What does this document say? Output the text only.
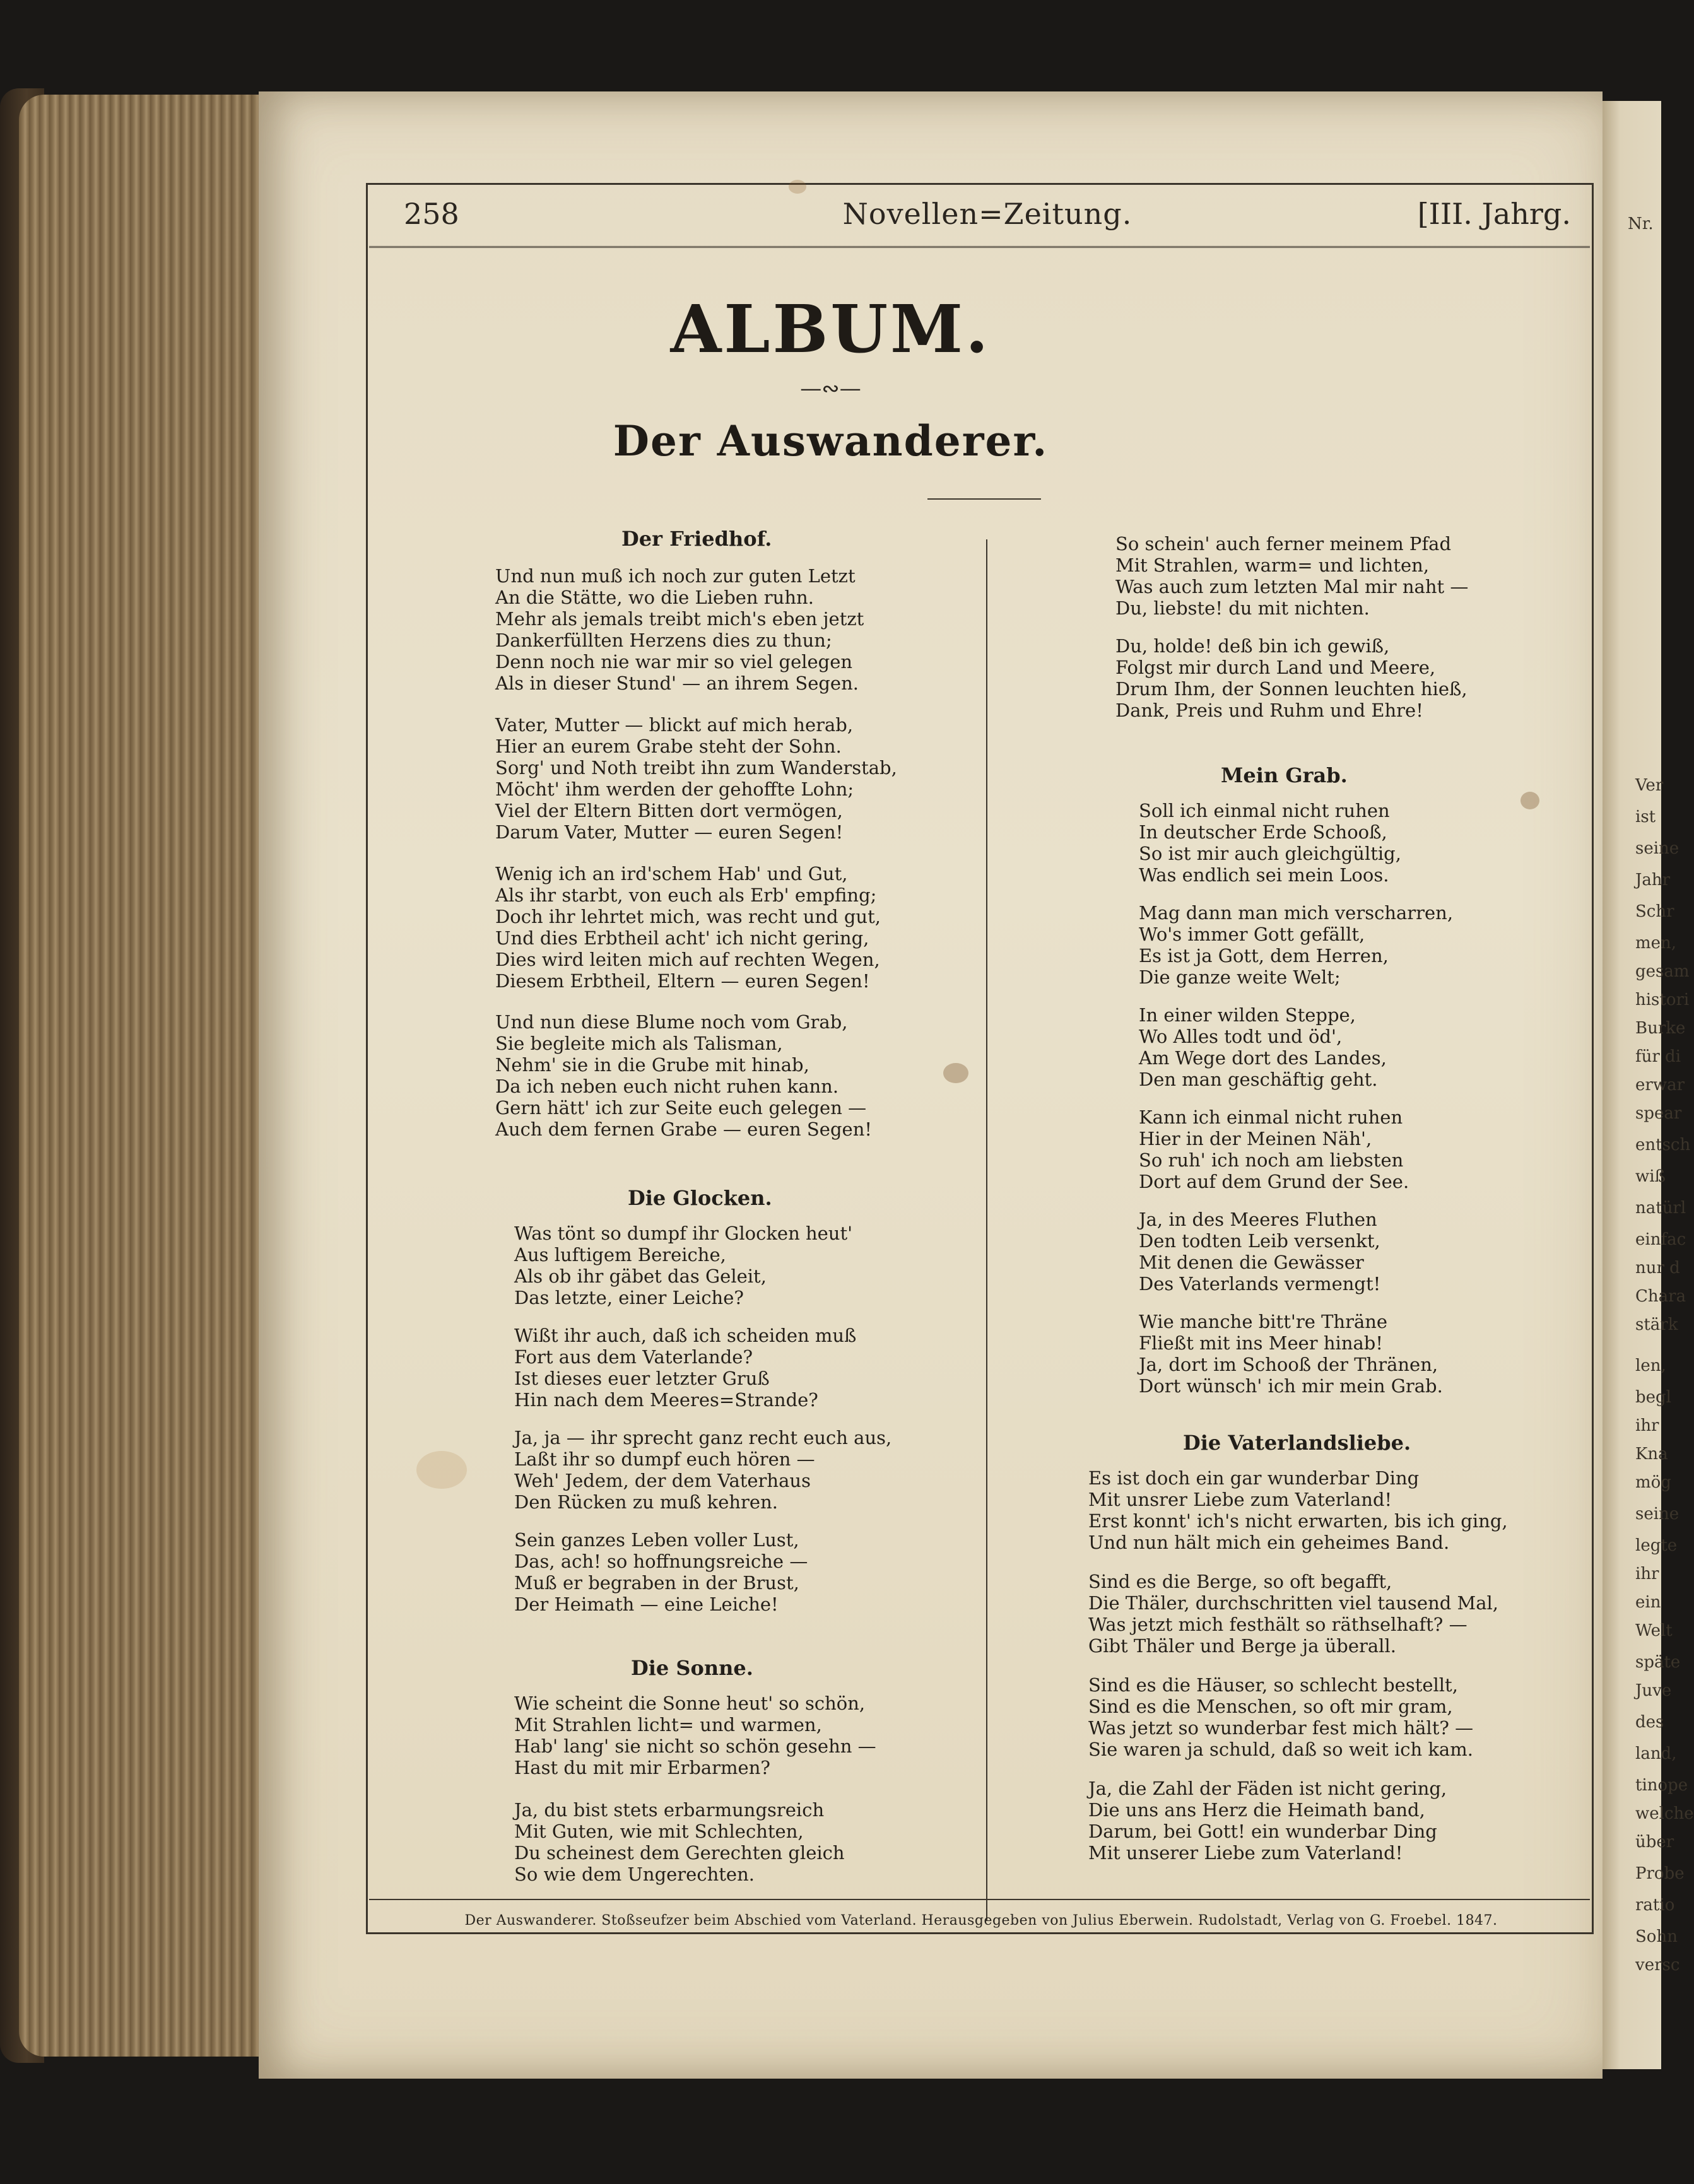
Nr.
Ver
ist
seine
Jahr
Schr
men,
gesam
histori
Burke
für di
erwar
spear
entsch
wiß
natürl
einfac
nur d
Chara
stärk
len,
begl
ihr
Kna
mög
seine
legte
ihr
ein
Welt
späte
Juve
des
land,
tinope
welche
über
Probe
ratio
Sohn
versc

258	Novellen=Zeitung.	[III. Jahrg.
ALBUM.
—∾—
Der Auswanderer.
Der Friedhof.
Und nun muß ich noch zur guten Letzt
An die Stätte, wo die Lieben ruhn.
Mehr als jemals treibt mich's eben jetzt
Dankerfüllten Herzens dies zu thun;
Denn noch nie war mir so viel gelegen
Als in dieser Stund' — an ihrem Segen.
Vater, Mutter — blickt auf mich herab,
Hier an eurem Grabe steht der Sohn.
Sorg' und Noth treibt ihn zum Wanderstab,
Möcht' ihm werden der gehoffte Lohn;
Viel der Eltern Bitten dort vermögen,
Darum Vater, Mutter — euren Segen!
Wenig ich an ird'schem Hab' und Gut,
Als ihr starbt, von euch als Erb' empfing;
Doch ihr lehrtet mich, was recht und gut,
Und dies Erbtheil acht' ich nicht gering,
Dies wird leiten mich auf rechten Wegen,
Diesem Erbtheil, Eltern — euren Segen!
Und nun diese Blume noch vom Grab,
Sie begleite mich als Talisman,
Nehm' sie in die Grube mit hinab,
Da ich neben euch nicht ruhen kann.
Gern hätt' ich zur Seite euch gelegen —
Auch dem fernen Grabe — euren Segen!
Die Glocken.
Was tönt so dumpf ihr Glocken heut'
Aus luftigem Bereiche,
Als ob ihr gäbet das Geleit,
Das letzte, einer Leiche?
Wißt ihr auch, daß ich scheiden muß
Fort aus dem Vaterlande?
Ist dieses euer letzter Gruß
Hin nach dem Meeres=Strande?
Ja, ja — ihr sprecht ganz recht euch aus,
Laßt ihr so dumpf euch hören —
Weh' Jedem, der dem Vaterhaus
Den Rücken zu muß kehren.
Sein ganzes Leben voller Lust,
Das, ach! so hoffnungsreiche —
Muß er begraben in der Brust,
Der Heimath — eine Leiche!
Die Sonne.
Wie scheint die Sonne heut' so schön,
Mit Strahlen licht= und warmen,
Hab' lang' sie nicht so schön gesehn —
Hast du mit mir Erbarmen?
Ja, du bist stets erbarmungsreich
Mit Guten, wie mit Schlechten,
Du scheinest dem Gerechten gleich
So wie dem Ungerechten.
So schein' auch ferner meinem Pfad
Mit Strahlen, warm= und lichten,
Was auch zum letzten Mal mir naht —
Du, liebste! du mit nichten.
Du, holde! deß bin ich gewiß,
Folgst mir durch Land und Meere,
Drum Ihm, der Sonnen leuchten hieß,
Dank, Preis und Ruhm und Ehre!
Mein Grab.
Soll ich einmal nicht ruhen
In deutscher Erde Schooß,
So ist mir auch gleichgültig,
Was endlich sei mein Loos.
Mag dann man mich verscharren,
Wo's immer Gott gefällt,
Es ist ja Gott, dem Herren,
Die ganze weite Welt;
In einer wilden Steppe,
Wo Alles todt und öd',
Am Wege dort des Landes,
Den man geschäftig geht.
Kann ich einmal nicht ruhen
Hier in der Meinen Näh',
So ruh' ich noch am liebsten
Dort auf dem Grund der See.
Ja, in des Meeres Fluthen
Den todten Leib versenkt,
Mit denen die Gewässer
Des Vaterlands vermengt!
Wie manche bitt're Thräne
Fließt mit ins Meer hinab!
Ja, dort im Schooß der Thränen,
Dort wünsch' ich mir mein Grab.
Die Vaterlandsliebe.
Es ist doch ein gar wunderbar Ding
Mit unsrer Liebe zum Vaterland!
Erst konnt' ich's nicht erwarten, bis ich ging,
Und nun hält mich ein geheimes Band.
Sind es die Berge, so oft begafft,
Die Thäler, durchschritten viel tausend Mal,
Was jetzt mich festhält so räthselhaft? —
Gibt Thäler und Berge ja überall.
Sind es die Häuser, so schlecht bestellt,
Sind es die Menschen, so oft mir gram,
Was jetzt so wunderbar fest mich hält? —
Sie waren ja schuld, daß so weit ich kam.
Ja, die Zahl der Fäden ist nicht gering,
Die uns ans Herz die Heimath band,
Darum, bei Gott! ein wunderbar Ding
Mit unserer Liebe zum Vaterland!
Der Auswanderer. Stoßseufzer beim Abschied vom Vaterland. Herausgegeben von Julius Eberwein. Rudolstadt, Verlag von G. Froebel. 1847.
